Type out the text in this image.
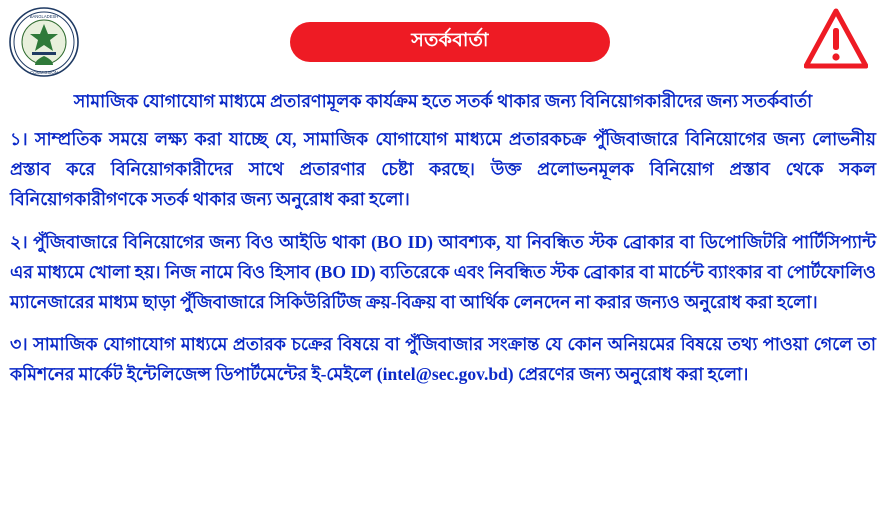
BANGLADESH
COMMISSION
সতর্কবার্তা
সামাজিক যোগাযোগ মাধ্যমে প্রতারণামূলক কার্যক্রম হতে সতর্ক থাকার জন্য বিনিয়োগকারীদের জন্য সতর্কবার্তা

১। সাম্প্রতিক সময়ে লক্ষ্য করা যাচ্ছে যে, সামাজিক যোগাযোগ মাধ্যমে প্রতারকচক্র পুঁজিবাজারে বিনিয়োগের জন্য লোভনীয় প্রস্তাব করে বিনিয়োগকারীদের সাথে প্রতারণার চেষ্টা করছে। উক্ত প্রলোভনমূলক বিনিয়োগ প্রস্তাব থেকে সকল বিনিয়োগকারীগণকে সতর্ক থাকার জন্য অনুরোধ করা হলো।

২। পুঁজিবাজারে বিনিয়োগের জন্য বিও আইডি থাকা (BO ID) আবশ্যক, যা নিবন্ধিত স্টক ব্রোকার বা ডিপোজিটরি পার্টিসিপ্যান্ট এর মাধ্যমে খোলা হয়। নিজ নামে বিও হিসাব (BO ID) ব্যতিরেকে এবং নিবন্ধিত স্টক ব্রোকার বা মার্চেন্ট ব্যাংকার বা পোর্টফোলিও ম্যানেজারের মাধ্যম ছাড়া পুঁজিবাজারে সিকিউরিটিজ ক্রয়-বিক্রয় বা আর্থিক লেনদেন না করার জন্যও অনুরোধ করা হলো।

৩। সামাজিক যোগাযোগ মাধ্যমে প্রতারক চক্রের বিষয়ে বা পুঁজিবাজার সংক্রান্ত যে কোন অনিয়মের বিষয়ে তথ্য পাওয়া গেলে তা কমিশনের মার্কেট ইন্টেলিজেন্স ডিপার্টমেন্টের ই-মেইলে (intel@sec.gov.bd) প্রেরণের জন্য অনুরোধ করা হলো।
